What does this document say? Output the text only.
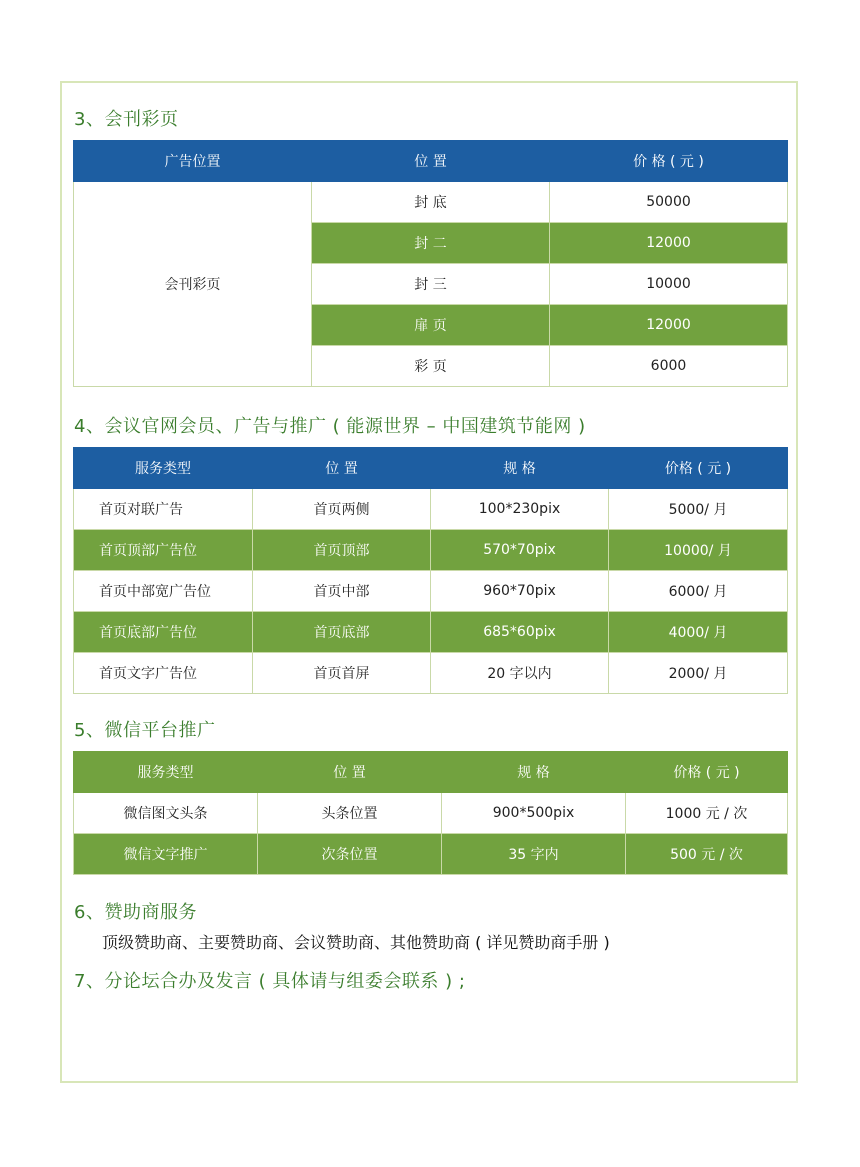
3、会刊彩页
广告位置	位 置	价 格 ( 元 )
会刊彩页	封 底	50000
	封 二	12000
	封 三	10000
	扉 页	12000
	彩 页	6000
4、会议官网会员、广告与推广 ( 能源世界 – 中国建筑节能网 )
服务类型	位 置	规 格	价格 ( 元 )
首页对联广告	首页两侧	100*230pix	5000/ 月
首页顶部广告位	首页顶部	570*70pix	10000/ 月
首页中部宽广告位	首页中部	960*70pix	6000/ 月
首页底部广告位	首页底部	685*60pix	4000/ 月
首页文字广告位	首页首屏	20 字以内	2000/ 月
5、微信平台推广
服务类型	位 置	规 格	价格 ( 元 )
微信图文头条	头条位置	900*500pix	1000 元 / 次
微信文字推广	次条位置	35 字内	500 元 / 次
6、赞助商服务
顶级赞助商、主要赞助商、会议赞助商、其他赞助商 ( 详见赞助商手册 )
7、分论坛合办及发言 ( 具体请与组委会联系 ) ;
